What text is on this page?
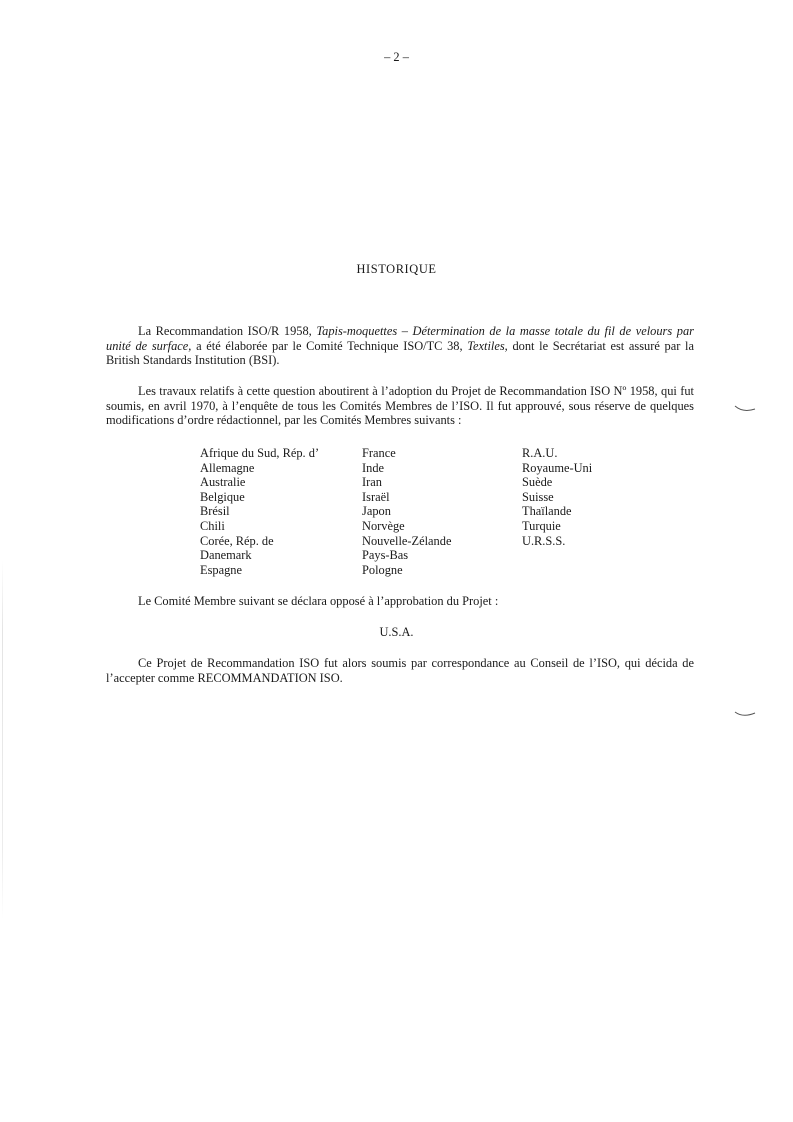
– 2 –
HISTORIQUE

La Recommandation ISO/R 1958, Tapis-moquettes – Détermination de la masse totale du fil de velours par unité de surface, a été élaborée par le Comité Technique ISO/TC 38, Textiles, dont le Secrétariat est assuré par la British Standards Institution (BSI).

Les travaux relatifs à cette question aboutirent à l’adoption du Projet de Recommandation ISO Nº 1958, qui fut soumis, en avril 1970, à l’enquête de tous les Comités Membres de l’ISO. Il fut approuvé, sous réserve de quelques modifications d’ordre rédactionnel, par les Comités Membres suivants :

Afrique du Sud, Rép. d’
Allemagne
Australie
Belgique
Brésil
Chili
Corée, Rép. de
Danemark
Espagne
France
Inde
Iran
Israël
Japon
Norvège
Nouvelle-Zélande
Pays-Bas
Pologne
R.A.U.
Royaume-Uni
Suède
Suisse
Thaïlande
Turquie
U.R.S.S.

Le Comité Membre suivant se déclara opposé à l’approbation du Projet :

U.S.A.

Ce Projet de Recommandation ISO fut alors soumis par correspondance au Conseil de l’ISO, qui décida de l’accepter comme RECOMMANDATION ISO.
